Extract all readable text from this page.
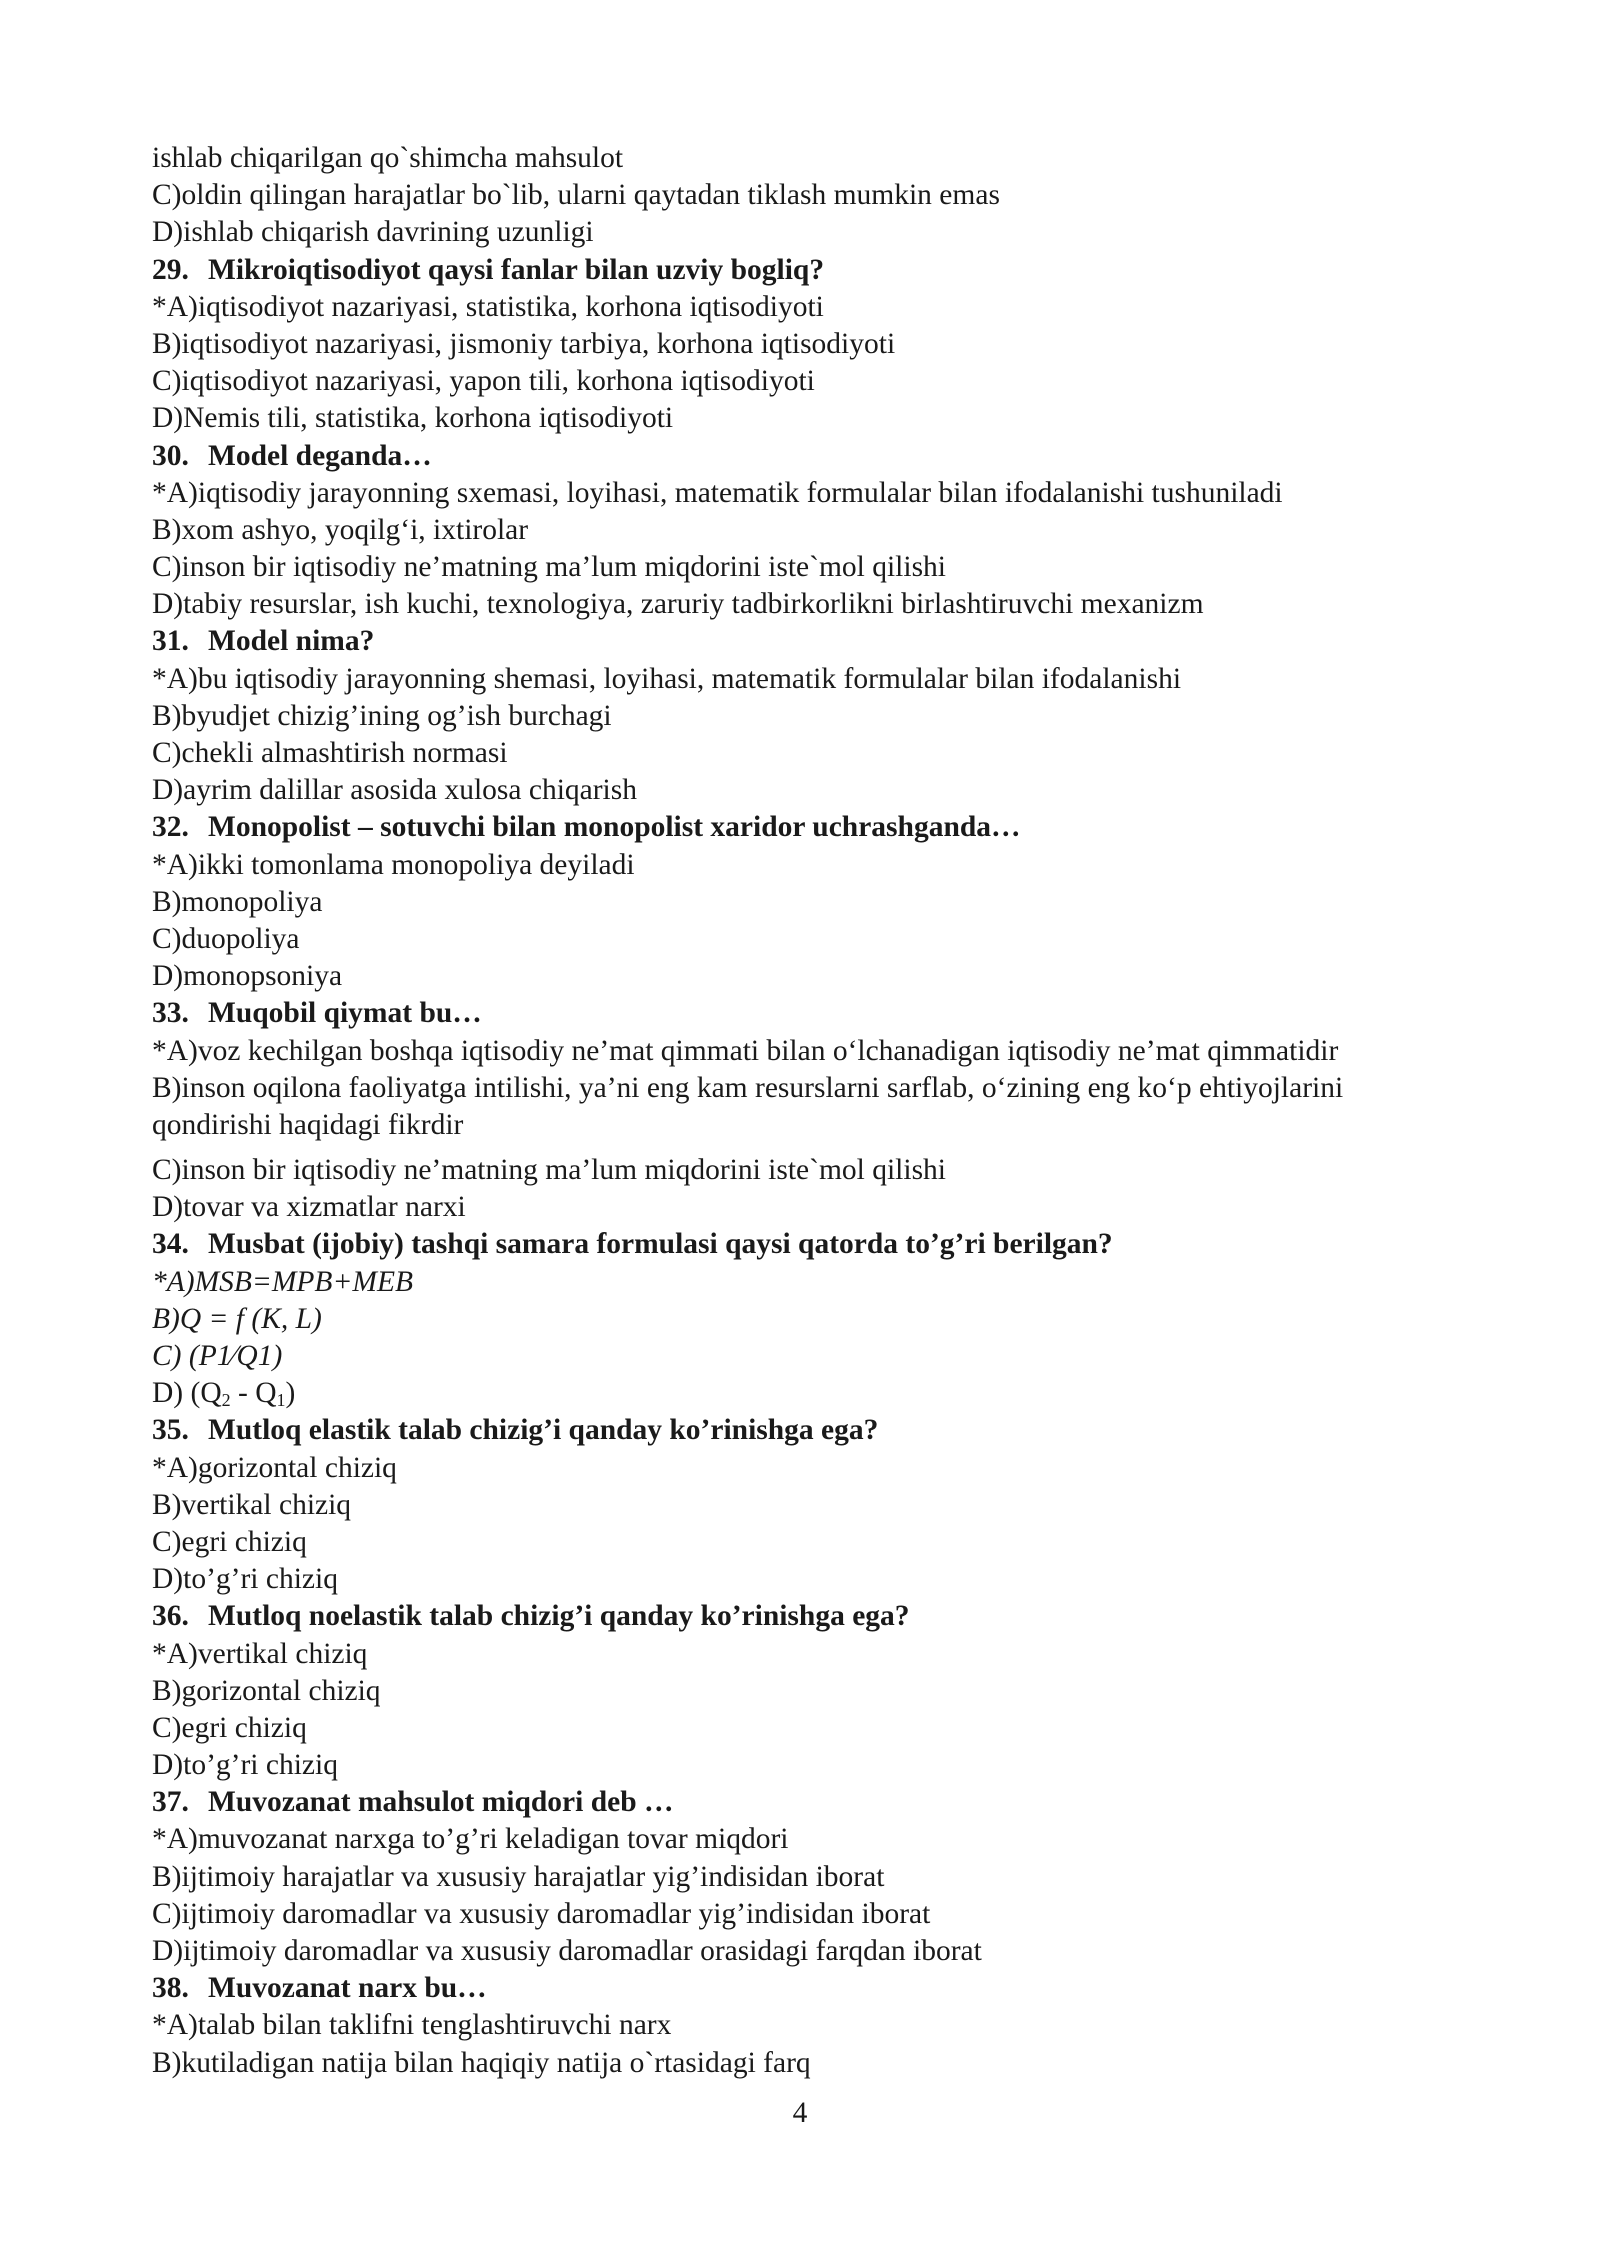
ishlab chiqarilgan qo`shimcha mahsulot
C)oldin qilingan harajatlar bo`lib, ularni qaytadan tiklash mumkin emas
D)ishlab chiqarish davrining uzunligi
29. Mikroiqtisodiyot qaysi fanlar bilan uzviy bogliq?
*A)iqtisodiyot nazariyasi, statistika, korhona iqtisodiyoti
B)iqtisodiyot nazariyasi, jismoniy tarbiya, korhona iqtisodiyoti
C)iqtisodiyot nazariyasi, yapon tili, korhona iqtisodiyoti
D)Nemis tili, statistika, korhona iqtisodiyoti
30. Model deganda…
*A)iqtisodiy jarayonning sxemasi, loyihasi, matematik formulalar bilan ifodalanishi tushuniladi
B)xom ashyo, yoqilg‘i, ixtirolar
C)inson bir iqtisodiy ne’matning ma’lum miqdorini iste`mol qilishi
D)tabiy resurslar, ish kuchi, texnologiya, zaruriy tadbirkorlikni birlashtiruvchi mexanizm
31. Model nima?
*A)bu iqtisodiy jarayonning shemasi, loyihasi, matematik formulalar bilan ifodalanishi
B)byudjet chizig’ining og’ish burchagi
C)chekli almashtirish normasi
D)ayrim dalillar asosida xulosa chiqarish
32. Monopolist – sotuvchi bilan monopolist xaridor uchrashganda…
*A)ikki tomonlama monopoliya deyiladi
B)monopoliya
C)duopoliya
D)monopsoniya
33. Muqobil qiymat bu…
*A)voz kechilgan boshqa iqtisodiy ne’mat qimmati bilan o‘lchanadigan iqtisodiy ne’mat qimmatidir
B)inson oqilona faoliyatga intilishi, ya’ni eng kam resurslarni sarflab, o‘zining eng ko‘p ehtiyojlarini
qondirishi haqidagi fikrdir
C)inson bir iqtisodiy ne’matning ma’lum miqdorini iste`mol qilishi
D)tovar va xizmatlar narxi
34. Musbat (ijobiy) tashqi samara formulasi qaysi qatorda to’g’ri berilgan?
*A)MSB=MPB+MEB
B)Q = f (K, L)
C) (P1⁄Q1)
D) $(Q_2 - Q_1)$
35. Mutloq elastik talab chizig’i qanday ko’rinishga ega?
*A)gorizontal chiziq
B)vertikal chiziq
C)egri chiziq
D)to’g’ri chiziq
36. Mutloq noelastik talab chizig’i qanday ko’rinishga ega?
*A)vertikal chiziq
B)gorizontal chiziq
C)egri chiziq
D)to’g’ri chiziq
37. Muvozanat mahsulot miqdori deb …
*A)muvozanat narxga to’g’ri keladigan tovar miqdori
B)ijtimoiy harajatlar va xususiy harajatlar yig’indisidan iborat
C)ijtimoiy daromadlar va xususiy daromadlar yig’indisidan iborat
D)ijtimoiy daromadlar va xususiy daromadlar orasidagi farqdan iborat
38. Muvozanat narx bu…
*A)talab bilan taklifni tenglashtiruvchi narx
B)kutiladigan natija bilan haqiqiy natija o`rtasidagi farq
4
